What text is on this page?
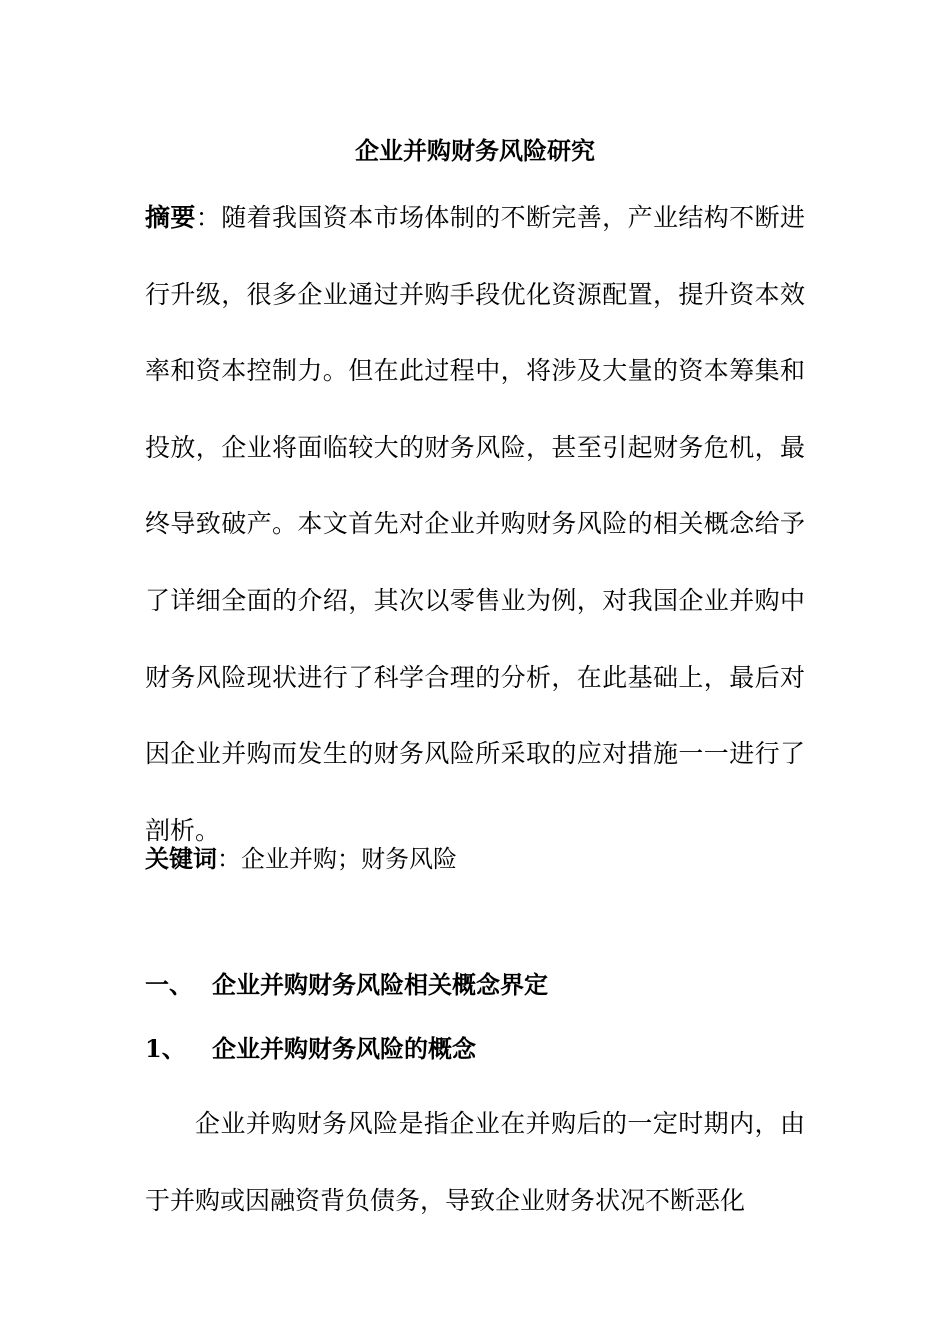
企业并购财务风险研究
摘要：随着我国资本市场体制的不断完善，产业结构不断进行升级，很多企业通过并购手段优化资源配置，提升资本效率和资本控制力。但在此过程中，将涉及大量的资本筹集和投放，企业将面临较大的财务风险，甚至引起财务危机，最终导致破产。本文首先对企业并购财务风险的相关概念给予了详细全面的介绍，其次以零售业为例，对我国企业并购中财务风险现状进行了科学合理的分析，在此基础上，最后对因企业并购而发生的财务风险所采取的应对措施一一进行了剖析。
关键词：企业并购；财务风险
一、 企业并购财务风险相关概念界定
1、 企业并购财务风险的概念
企业并购财务风险是指企业在并购后的一定时期内，由于并购或因融资背负债务，导致企业财务状况不断恶化
